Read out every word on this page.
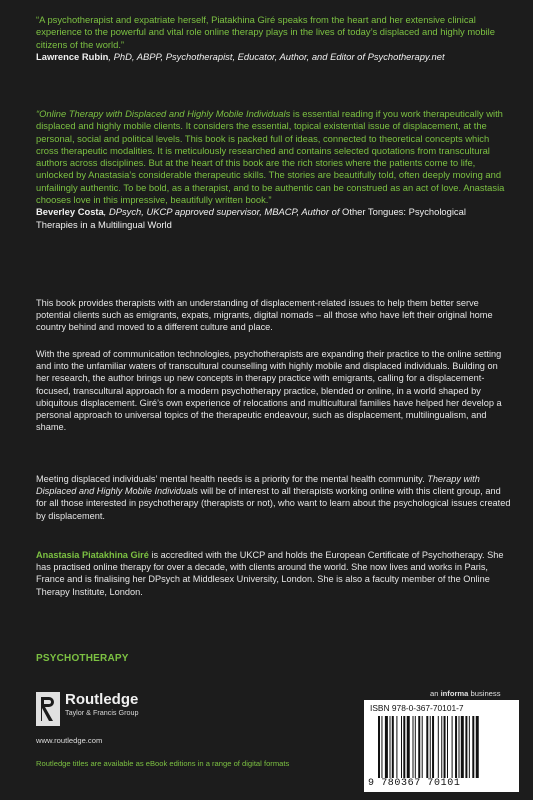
“A psychotherapist and expatriate herself, Piatakhina Giré speaks from the heart and her extensive clinical experience to the powerful and vital role online therapy plays in the lives of today’s displaced and highly mobile citizens of the world.”

Lawrence Rubin, PhD, ABPP, Psychotherapist, Educator, Author, and Editor of Psychotherapy.net

“Online Therapy with Displaced and Highly Mobile Individuals is essential reading if you work therapeutically with displaced and highly mobile clients. It considers the essential, topical existential issue of displacement, at the personal, social and political levels. This book is packed full of ideas, connected to theoretical concepts which cross therapeutic modalities. It is meticulously researched and contains selected quotations from transcultural authors across disciplines. But at the heart of this book are the rich stories where the patients come to life, unlocked by Anastasia’s considerable therapeutic skills. The stories are beautifully told, often deeply moving and unfailingly authentic. To be bold, as a therapist, and to be authentic can be construed as an act of love. Anastasia chooses love in this impressive, beautifully written book.”

Beverley Costa, DPsych, UKCP approved supervisor, MBACP, Author of Other Tongues: Psychological Therapies in a Multilingual World

This book provides therapists with an understanding of displacement-related issues to help them better serve potential clients such as emigrants, expats, migrants, digital nomads – all those who have left their original home country behind and moved to a different culture and place.

With the spread of communication technologies, psychotherapists are expanding their practice to the online setting and into the unfamiliar waters of transcultural counselling with highly mobile and displaced individuals. Building on her research, the author brings up new concepts in therapy practice with emigrants, calling for a displacement-focused, transcultural approach for a modern psychotherapy practice, blended or online, in a world shaped by ubiquitous displacement. Giré’s own experience of relocations and multicultural families have helped her develop a personal approach to universal topics of the therapeutic endeavour, such as displacement, multilingualism, and shame.

Meeting displaced individuals’ mental health needs is a priority for the mental health community. Therapy with Displaced and Highly Mobile Individuals will be of interest to all therapists working online with this client group, and for all those interested in psychotherapy (therapists or not), who want to learn about the psychological issues created by displacement.

Anastasia Piatakhina Giré is accredited with the UKCP and holds the European Certificate of Psychotherapy. She has practised online therapy for over a decade, with clients around the world. She now lives and works in Paris, France and is finalising her DPsych at Middlesex University, London. She is also a faculty member of the Online Therapy Institute, London.

PSYCHOTHERAPY
Routledge
Taylor & Francis Group
www.routledge.com
Routledge titles are available as eBook editions in a range of digital formats
an informa business
ISBN 978-0-367-70101-7
9 780367 70101
